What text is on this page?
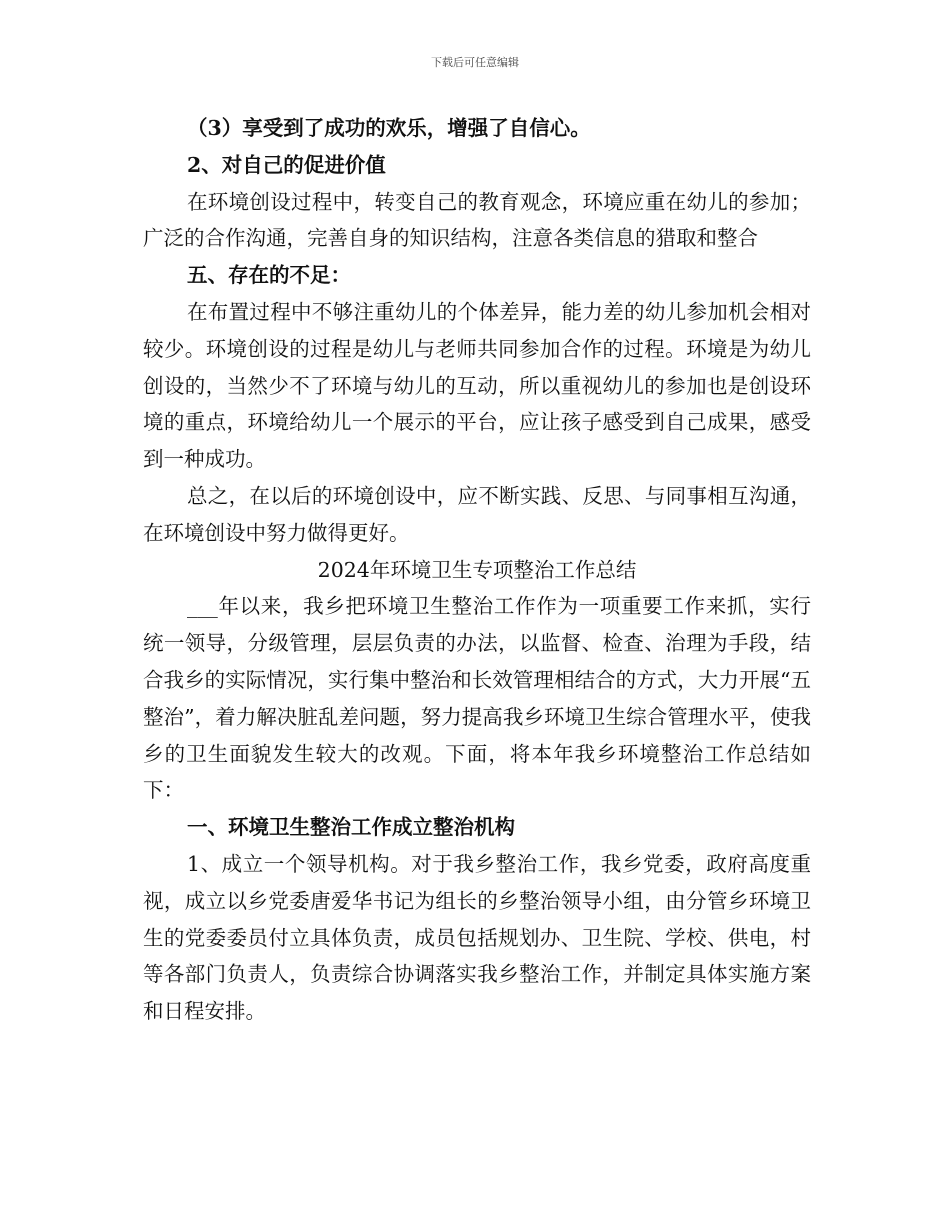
下载后可任意编辑

（3）享受到了成功的欢乐，增强了自信心。

2、对自己的促进价值

在环境创设过程中，转变自己的教育观念，环境应重在幼儿的参加；广泛的合作沟通，完善自身的知识结构，注意各类信息的猎取和整合

五、存在的不足：

在布置过程中不够注重幼儿的个体差异，能力差的幼儿参加机会相对较少。环境创设的过程是幼儿与老师共同参加合作的过程。环境是为幼儿创设的，当然少不了环境与幼儿的互动，所以重视幼儿的参加也是创设环境的重点，环境给幼儿一个展示的平台，应让孩子感受到自己成果，感受到一种成功。

总之，在以后的环境创设中，应不断实践、反思、与同事相互沟通，在环境创设中努力做得更好。

2024年环境卫生专项整治工作总结

___年以来，我乡把环境卫生整治工作作为一项重要工作来抓，实行统一领导，分级管理，层层负责的办法，以监督、检查、治理为手段，结合我乡的实际情况，实行集中整治和长效管理相结合的方式，大力开展“五整治”，着力解决脏乱差问题，努力提高我乡环境卫生综合管理水平，使我乡的卫生面貌发生较大的改观。下面，将本年我乡环境整治工作总结如下：

一、环境卫生整治工作成立整治机构

1、成立一个领导机构。对于我乡整治工作，我乡党委，政府高度重视，成立以乡党委唐爱华书记为组长的乡整治领导小组，由分管乡环境卫生的党委委员付立具体负责，成员包括规划办、卫生院、学校、供电，村等各部门负责人，负责综合协调落实我乡整治工作，并制定具体实施方案和日程安排。
